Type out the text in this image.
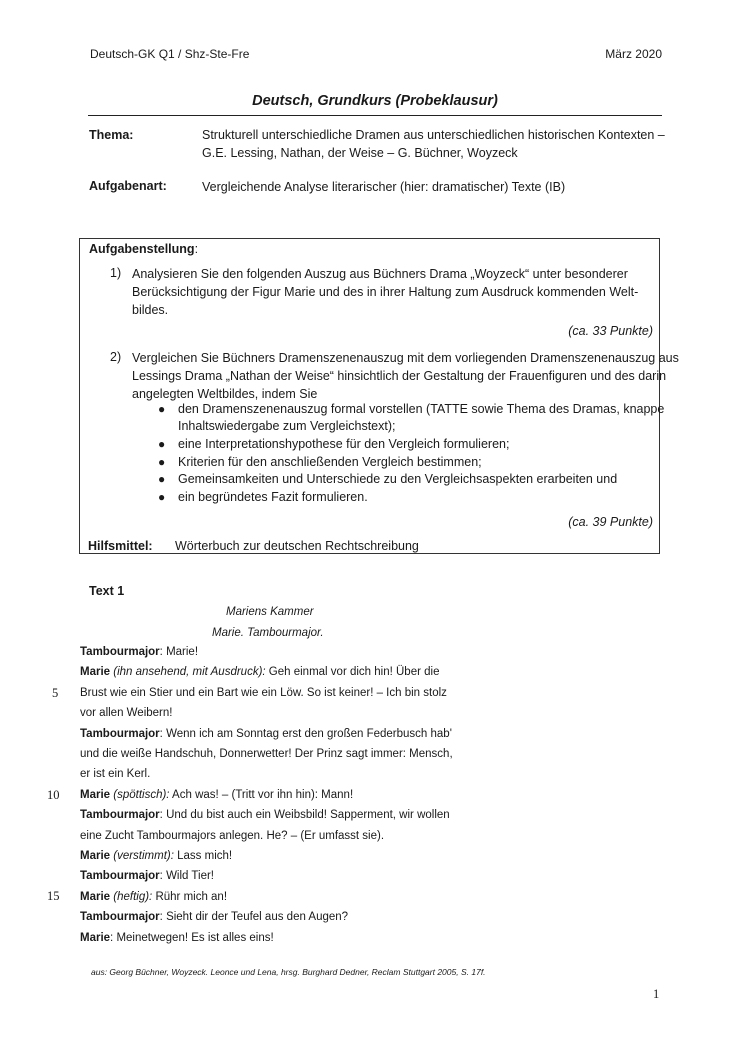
Deutsch-GK Q1 / Shz-Ste-Fre	März 2020
Deutsch, Grundkurs (Probeklausur)
Thema:	Strukturell unterschiedliche Dramen aus unterschiedlichen historischen Kontexten –
G.E. Lessing, Nathan, der Weise – G. Büchner, Woyzeck
Aufgabenart:	Vergleichende Analyse literarischer (hier: dramatischer) Texte (IB)
Aufgabenstellung:
1) Analysieren Sie den folgenden Auszug aus Büchners Drama „Woyzeck“ unter besonderer
Berücksichtigung der Figur Marie und des in ihrer Haltung zum Ausdruck kommenden Welt-
bildes.
(ca. 33 Punkte)
2) Vergleichen Sie Büchners Dramenszenenauszug mit dem vorliegenden Dramenszenenauszug aus
Lessings Drama „Nathan der Weise“ hinsichtlich der Gestaltung der Frauenfiguren und des darin
angelegten Weltbildes, indem Sie
● den Dramenszenenauszug formal vorstellen (TATTE sowie Thema des Dramas, knappe
Inhaltswiedergabe zum Vergleichstext);
● eine Interpretationshypothese für den Vergleich formulieren;
● Kriterien für den anschließenden Vergleich bestimmen;
● Gemeinsamkeiten und Unterschiede zu den Vergleichsaspekten erarbeiten und
● ein begründetes Fazit formulieren.
(ca. 39 Punkte)
Hilfsmittel: Wörterbuch zur deutschen Rechtschreibung
Text 1
Mariens Kammer
Marie. Tambourmajor.
Tambourmajor: Marie!
Marie (ihn ansehend, mit Ausdruck): Geh einmal vor dich hin! Über die
Brust wie ein Stier und ein Bart wie ein Löw. So ist keiner! – Ich bin stolz
vor allen Weibern!
Tambourmajor: Wenn ich am Sonntag erst den großen Federbusch hab'
und die weiße Handschuh, Donnerwetter! Der Prinz sagt immer: Mensch,
er ist ein Kerl.
Marie (spöttisch): Ach was! – (Tritt vor ihn hin): Mann!
Tambourmajor: Und du bist auch ein Weibsbild! Sapperment, wir wollen
eine Zucht Tambourmajors anlegen. He? – (Er umfasst sie).
Marie (verstimmt): Lass mich!
Tambourmajor: Wild Tier!
Marie (heftig): Rühr mich an!
Tambourmajor: Sieht dir der Teufel aus den Augen?
Marie: Meinetwegen! Es ist alles eins!
5
10
15
aus: Georg Büchner, Woyzeck. Leonce und Lena, hrsg. Burghard Dedner, Reclam Stuttgart 2005, S. 17f.
1
